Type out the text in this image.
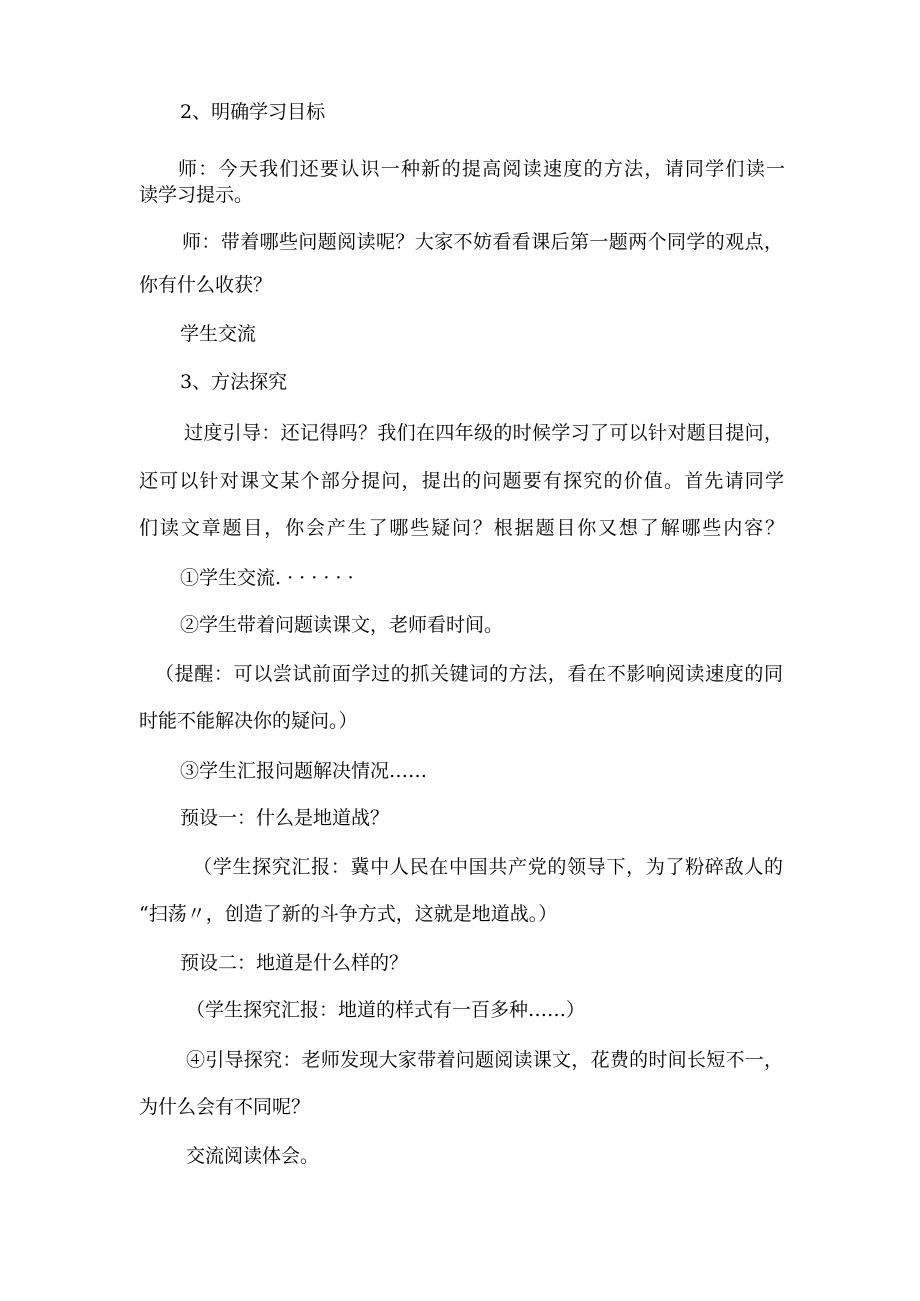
2、明确学习目标

师：今天我们还要认识一种新的提高阅读速度的方法，请同学们读一

读学习提示。

师：带着哪些问题阅读呢？大家不妨看看课后第一题两个同学的观点，

你有什么收获？

学生交流

3、方法探究

过度引导：还记得吗？我们在四年级的时候学习了可以针对题目提问，

还可以针对课文某个部分提问，提出的问题要有探究的价值。首先请同学

们读文章题目，你会产生了哪些疑问？根据题目你又想了解哪些内容？

①学生交流. · · · · · ·

②学生带着问题读课文，老师看时间。

（提醒：可以尝试前面学过的抓关键词的方法，看在不影响阅读速度的同

时能不能解决你的疑问。）

③学生汇报问题解决情况……

预设一：什么是地道战？

（学生探究汇报：冀中人民在中国共产党的领导下，为了粉碎敌人的

“扫荡〃，创造了新的斗争方式，这就是地道战。）

预设二：地道是什么样的？

（学生探究汇报：地道的样式有一百多种……）

④引导探究：老师发现大家带着问题阅读课文，花费的时间长短不一，

为什么会有不同呢？

交流阅读体会。
